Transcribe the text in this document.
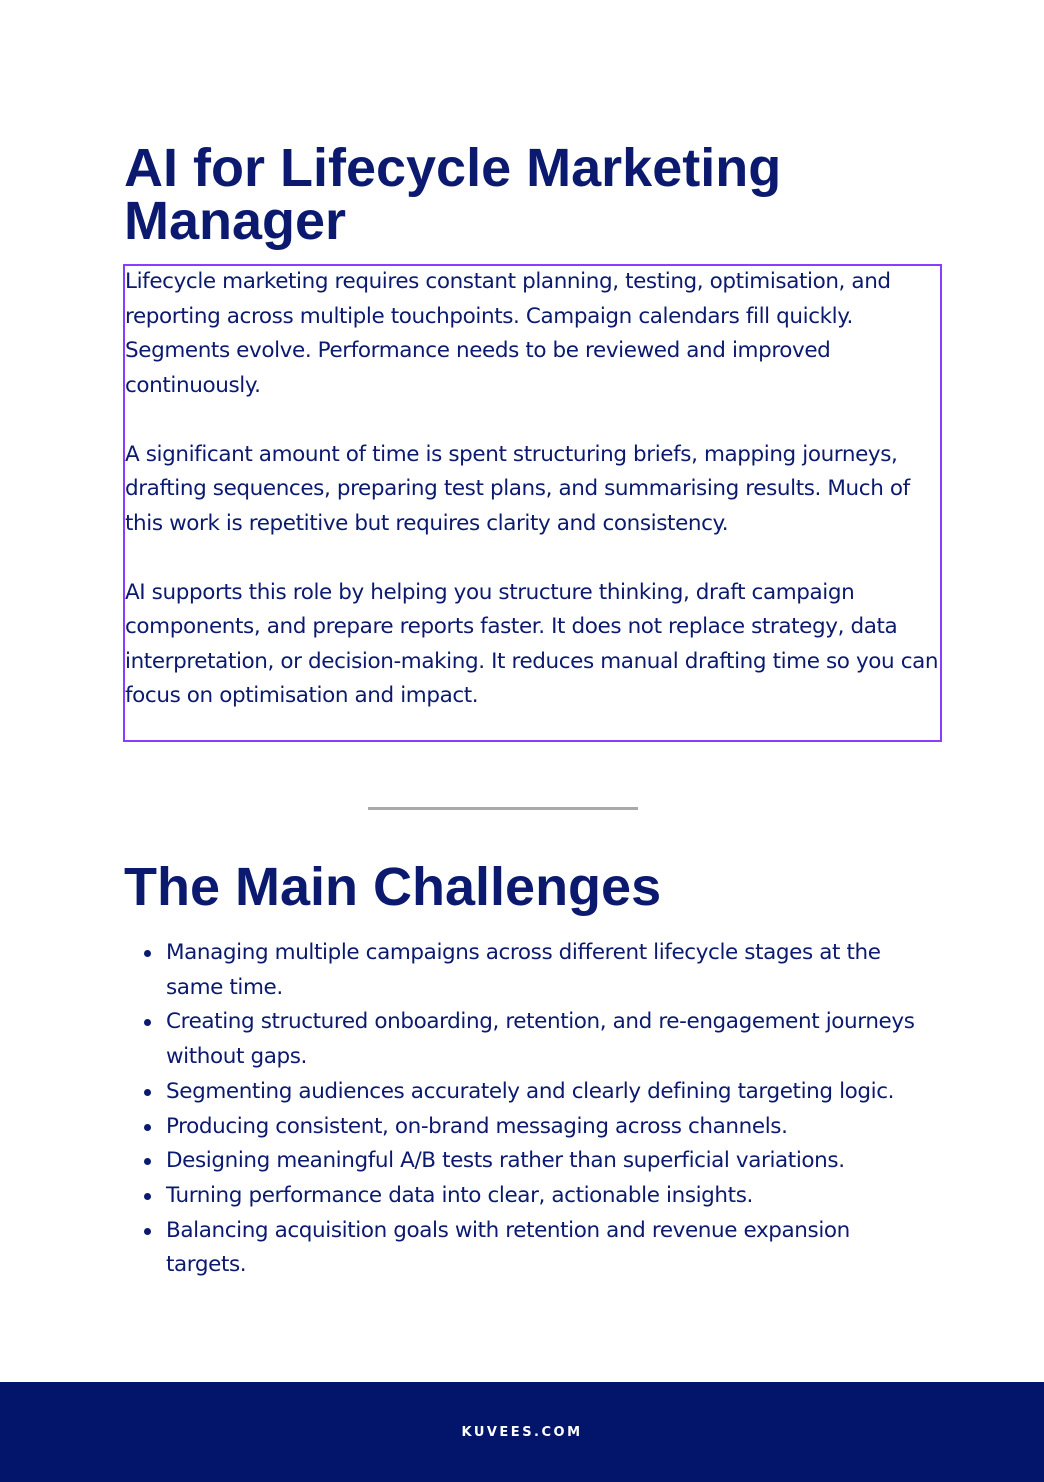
AI for Lifecycle Marketing Manager

Lifecycle marketing requires constant planning, testing, optimisation, and reporting across multiple touchpoints. Campaign calendars fill quickly. Segments evolve. Performance needs to be reviewed and improved continuously.

A significant amount of time is spent structuring briefs, mapping journeys, drafting sequences, preparing test plans, and summarising results. Much of this work is repetitive but requires clarity and consistency.

AI supports this role by helping you structure thinking, draft campaign components, and prepare reports faster. It does not replace strategy, data interpretation, or decision-making. It reduces manual drafting time so you can focus on optimisation and impact.

The Main Challenges
Managing multiple campaigns across different lifecycle stages at the same time.
Creating structured onboarding, retention, and re-engagement journeys without gaps.
Segmenting audiences accurately and clearly defining targeting logic.
Producing consistent, on-brand messaging across channels.
Designing meaningful A/B tests rather than superficial variations.
Turning performance data into clear, actionable insights.
Balancing acquisition goals with retention and revenue expansion targets.
KUVEES.COM
